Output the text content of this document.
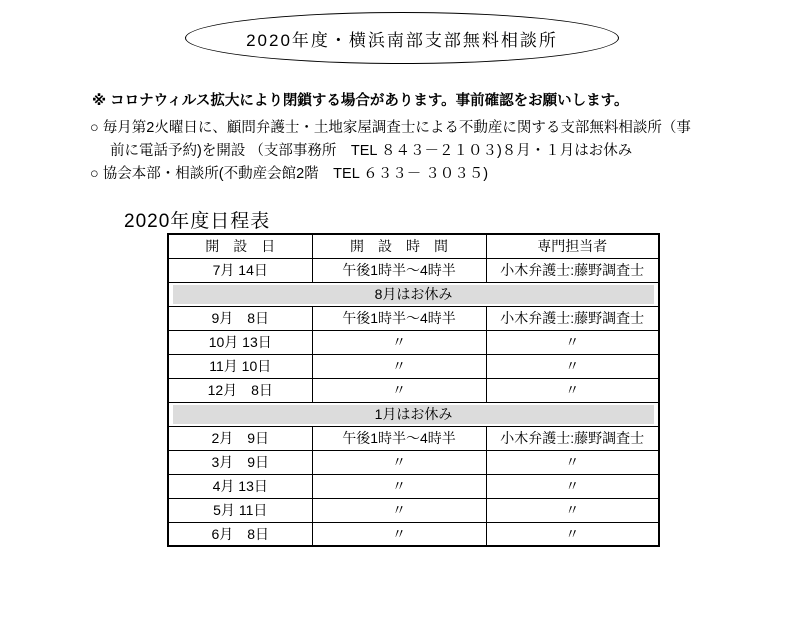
2020年度・横浜南部支部無料相談所
※ コロナウィルス拡大により閉鎖する場合があります。事前確認をお願いします。
○ 毎月第2火曜日に、顧問弁護士・土地家屋調査士による不動産に関する支部無料相談所（事
前に電話予約)を開設 （支部事務所　TEL ８４３－２１０３)８月・１月はお休み
○ 協会本部・相談所(不動産会館2階　TEL ６３３－ ３０３５)
2020年度日程表
開　設　日	開　設　時　間	専門担当者
7月 14日	午後1時半～4時半	小木弁護士:藤野調査士

8月はお休み		

9月　8日	午後1時半～4時半	小木弁護士:藤野調査士
10月 13日	〃	〃
11月 10日	〃	〃
12月　8日	〃	〃

1月はお休み		

2月　9日	午後1時半～4時半	小木弁護士:藤野調査士
3月　9日	〃	〃
4月 13日	〃	〃
5月 11日	〃	〃
6月　8日	〃	〃
